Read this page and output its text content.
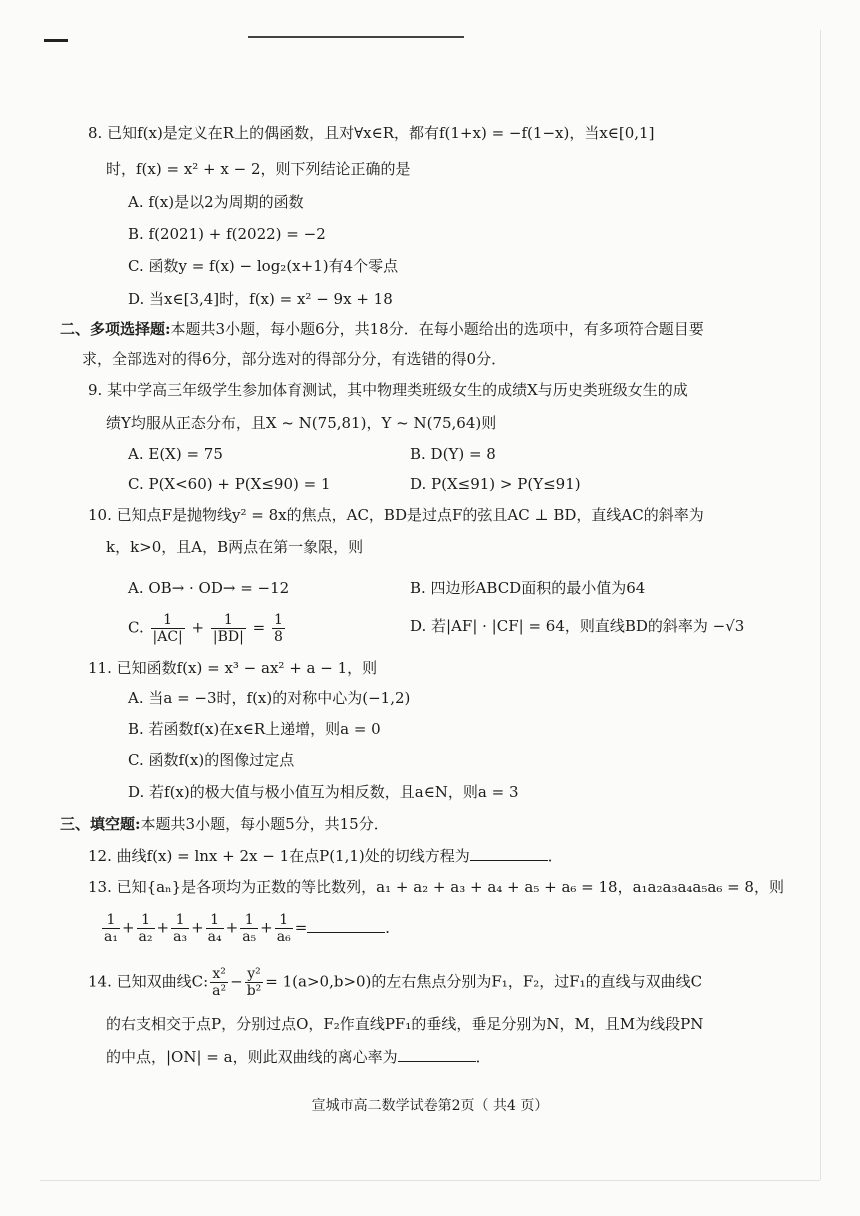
8. 已知f(x)是定义在R上的偶函数，且对∀x∈R，都有f(1+x) = −f(1−x)，当x∈[0,1]
时，f(x) = x² + x − 2，则下列结论正确的是
A. f(x)是以2为周期的函数
B. f(2021) + f(2022) = −2
C. 函数y = f(x) − log₂(x+1)有4个零点
D. 当x∈[3,4]时，f(x) = x² − 9x + 18
二、多项选择题:本题共3小题，每小题6分，共18分．在每小题给出的选项中，有多项符合题目要
求，全部选对的得6分，部分选对的得部分分，有选错的得0分．
9. 某中学高三年级学生参加体育测试，其中物理类班级女生的成绩X与历史类班级女生的成
绩Y均服从正态分布，且X ~ N(75,81)，Y ~ N(75,64)则
A. E(X) = 75	B. D(Y) = 8
C. P(X<60) + P(X≤90) = 1	D. P(X≤91) > P(Y≤91)
10. 已知点F是抛物线y² = 8x的焦点，AC，BD是过点F的弦且AC ⊥ BD，直线AC的斜率为
k，k>0，且A，B两点在第一象限，则
A. OB→ · OD→ = −12	B. 四边形ABCD面积的最小值为64
C. $\frac{1}{|AC|} + \frac{1}{|BD|} = \frac{1}{8}$	D. 若|AF| · |CF| = 64，则直线BD的斜率为 −√3
11. 已知函数f(x) = x³ − ax² + a − 1，则
A. 当a = −3时，f(x)的对称中心为(−1,2)
B. 若函数f(x)在x∈R上递增，则a = 0
C. 函数f(x)的图像过定点
D. 若f(x)的极大值与极小值互为相反数，且a∈N，则a = 3
三、填空题:本题共3小题，每小题5分，共15分．
12. 曲线f(x) = lnx + 2x − 1在点P(1,1)处的切线方程为	．
13. 已知{aₙ}是各项均为正数的等比数列，a₁ + a₂ + a₃ + a₄ + a₅ + a₆ = 18，a₁a₂a₃a₄a₅a₆ = 8，则
$\frac{1}{\text{a₁}} + \frac{1}{\text{a₂}} + \frac{1}{\text{a₃}} + \frac{1}{\text{a₄}} + \frac{1}{\text{a₅}} + \frac{1}{\text{a₆}}$ =	．
14. 已知双曲线C: $\frac{\text{x²}}{\text{a²}} - \frac{\text{y²}}{\text{b²}} = 1(a>0,b>0)$的左右焦点分别为F₁，F₂，过F₁的直线与双曲线C
的右支相交于点P，分别过点O，F₂作直线PF₁的垂线，垂足分别为N，M，且M为线段PN
的中点，|ON| = a，则此双曲线的离心率为	．
宣城市高二数学试卷第2页（ 共4 页）
